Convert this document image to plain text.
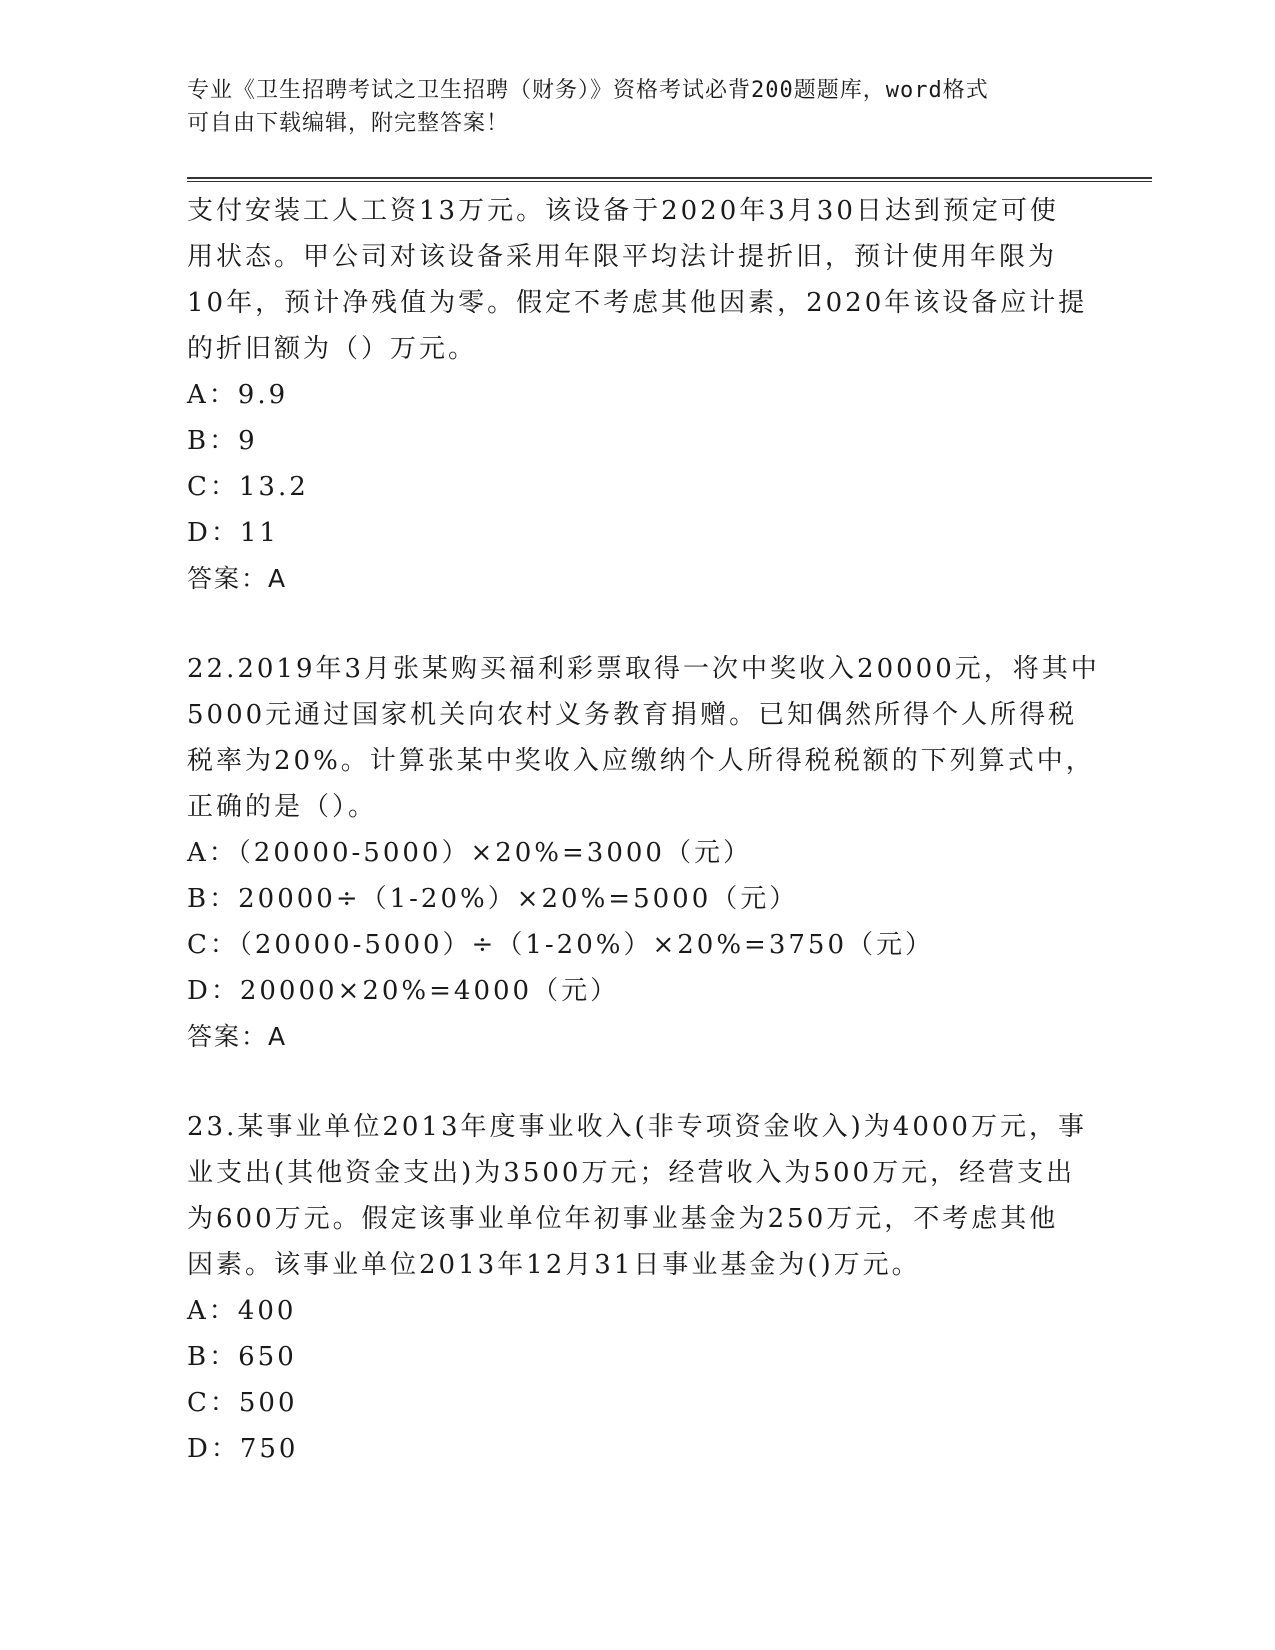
专业《卫生招聘考试之卫生招聘（财务）》资格考试必背200题题库，word格式
可自由下载编辑，附完整答案！
支付安装工人工资13万元。该设备于2020年3月30日达到预定可使
用状态。甲公司对该设备采用年限平均法计提折旧，预计使用年限为
10年，预计净残值为零。假定不考虑其他因素，2020年该设备应计提
的折旧额为（）万元。
A：9.9
B：9
C：13.2
D：11
答案：A
22.2019年3月张某购买福利彩票取得一次中奖收入20000元，将其中
5000元通过国家机关向农村义务教育捐赠。已知偶然所得个人所得税
税率为20%。计算张某中奖收入应缴纳个人所得税税额的下列算式中，
正确的是（）。
A：（20000-5000）×20%=3000（元）
B：20000÷（1-20%）×20%=5000（元）
C：（20000-5000）÷（1-20%）×20%=3750（元）
D：20000×20%=4000（元）
答案：A
23.某事业单位2013年度事业收入(非专项资金收入)为4000万元，事
业支出(其他资金支出)为3500万元；经营收入为500万元，经营支出
为600万元。假定该事业单位年初事业基金为250万元，不考虑其他
因素。该事业单位2013年12月31日事业基金为()万元。
A：400
B：650
C：500
D：750
